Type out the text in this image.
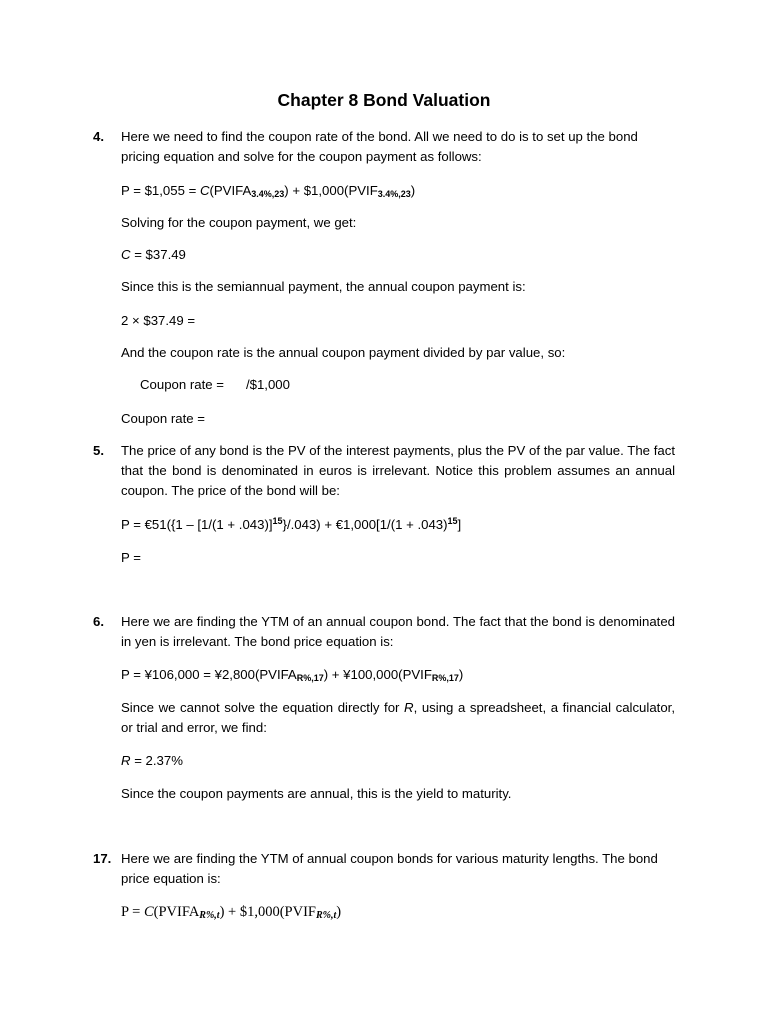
Chapter 8 Bond Valuation
4.	Here we need to find the coupon rate of the bond. All we need to do is to set up the bond pricing equation and solve for the coupon payment as follows:
P = $1,055 = $C(PVIFA_{3.4\%,23})$ + $\$1,000(PVIF_{3.4\%,23})$
Solving for the coupon payment, we get:
C = $37.49
Since this is the semiannual payment, the annual coupon payment is:
2 × $37.49 =
And the coupon rate is the annual coupon payment divided by par value, so:
Coupon rate = /$1,000
Coupon rate =
5.	The price of any bond is the PV of the interest payments, plus the PV of the par value. The fact that the bond is denominated in euros is irrelevant. Notice this problem assumes an annual coupon. The price of the bond will be:
P = €51({1 – $[1/(1 + .043)]^{15}\}/.043$) + €1,000[1/(1 + .043)$^{15}$]
P =
6.	Here we are finding the YTM of an annual coupon bond. The fact that the bond is denominated in yen is irrelevant. The bond price equation is:
P = ¥106,000 = $¥2,800(PVIFA_{R\%,17})$ + $¥100,000(PVIF_{R\%,17})$
Since we cannot solve the equation directly for R, using a spreadsheet, a financial calculator, or trial and error, we find:
R = 2.37%
Since the coupon payments are annual, this is the yield to maturity.
17. Here we are finding the YTM of annual coupon bonds for various maturity lengths. The bond price equation is:
$P = C(PVIFA_{R\%,t})$ + $\$1,000(PVIF_{R\%,t})$
